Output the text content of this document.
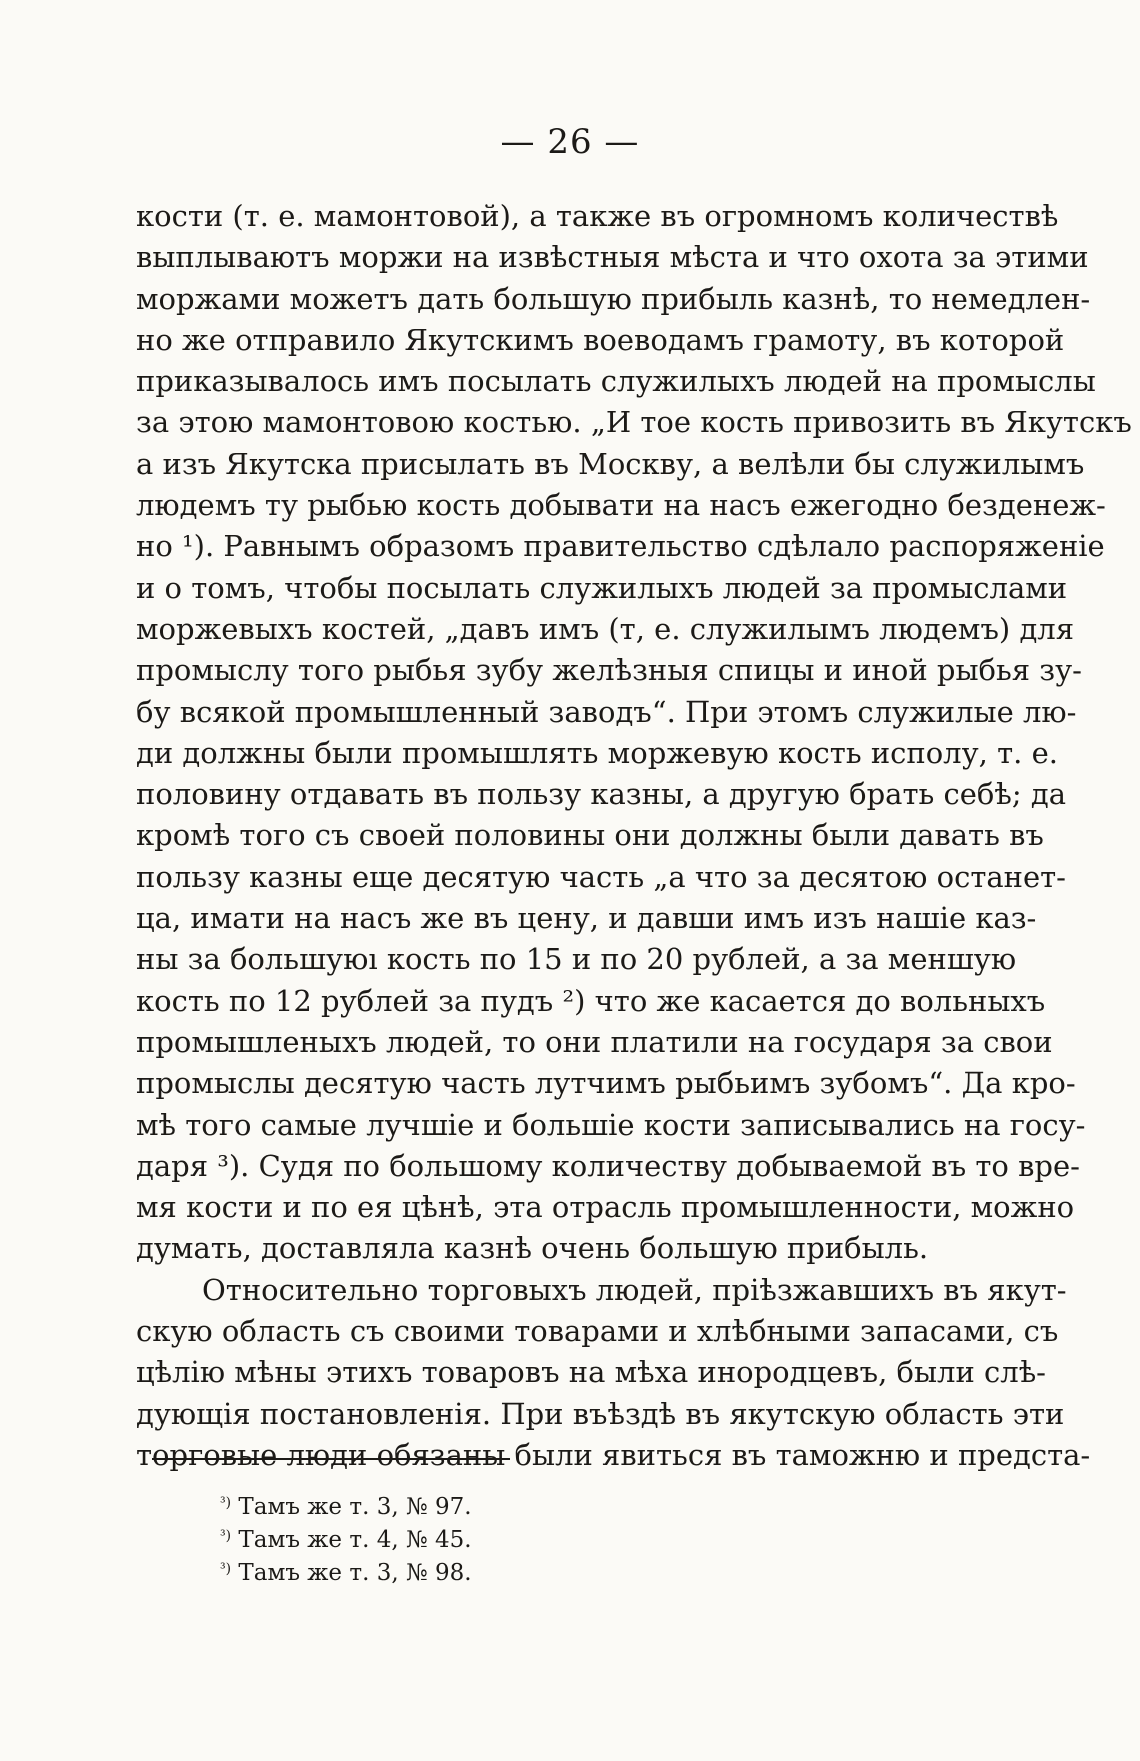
— 26 —
кости (т. е. мамонтовой), а также въ огромномъ количествѣ
выплываютъ моржи на извѣстныя мѣста и что охота за этими
моржами можетъ дать большую прибыль казнѣ, то немедлен-
но же отправило Якутскимъ воеводамъ грамоту, въ которой
приказывалось имъ посылать служилыхъ людей на промыслы
за этою мамонтовою костью. „И тое кость привозить въ Якутскъ
а изъ Якутска присылать въ Москву, а велѣли бы служилымъ
людемъ ту рыбью кость добывати на насъ ежегодно безденеж-
но ¹). Равнымъ образомъ правительство сдѣлало распоряженіе
и о томъ, чтобы посылать служилыхъ людей за промыслами
моржевыхъ костей, „давъ имъ (т, е. служилымъ людемъ) для
промыслу того рыбья зубу желѣзныя спицы и иной рыбья зу-
бу всякой промышленный заводъ“. При этомъ служилые лю-
ди должны были промышлять моржевую кость исполу, т. е.
половину отдавать въ пользу казны, а другую брать себѣ; да
кромѣ того съ своей половины они должны были давать въ
пользу казны еще десятую часть „а что за десятою останет-
ца, имати на насъ же въ цену, и давши имъ изъ нашіе каз-
ны за большуюı кость по 15 и по 20 рублей, а за меншую
кость по 12 рублей за пудъ ²) что же касается до вольныхъ
промышленыхъ людей, то они платили на государя за свои
промыслы десятую часть лутчимъ рыбьимъ зубомъ“. Да кро-
мѣ того самые лучшіе и большіе кости записывались на госу-
даря ³). Судя по большому количеству добываемой въ то вре-
мя кости и по ея цѣнѣ, эта отрасль промышленности, можно
думать, доставляла казнѣ очень большую прибыль.
Относительно торговыхъ людей, пріѣзжавшихъ въ якут-
скую область съ своими товарами и хлѣбными запасами, съ
цѣлію мѣны этихъ товаровъ на мѣха инородцевъ, были слѣ-
дующія постановленія. При въѣздѣ въ якутскую область эти
торговые люди обязаны были явиться въ таможню и предста-
$^{^3)}$ Тамъ же т. 3, № 97.
$^{^3)}$ Тамъ же т. 4, № 45.
$^{^3)}$ Тамъ же т. 3, № 98.
